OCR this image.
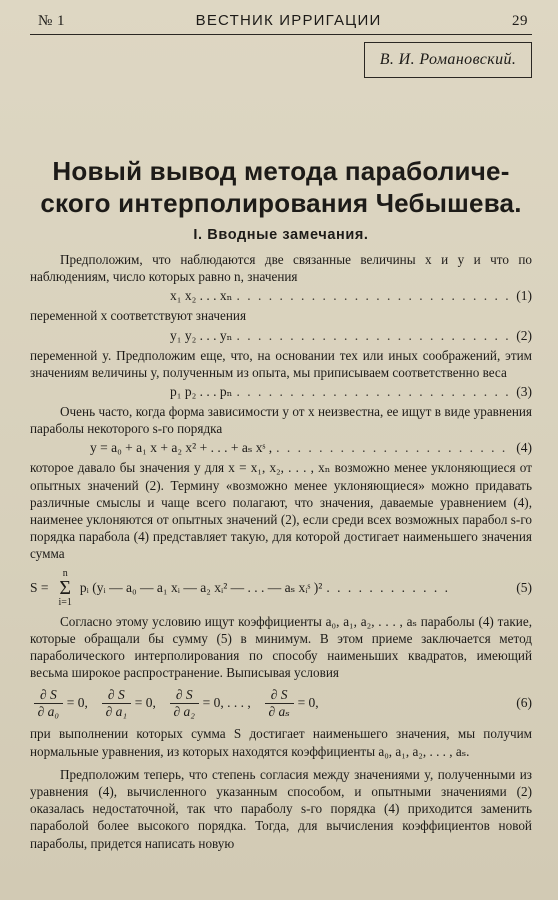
№ 1	ВЕСТНИК ИРРИГАЦИИ	29
В. И. Романовский.
Новый вывод метода параболиче-
ского интерполирования Чебышева.
I. Вводные замечания.

Предположим, что наблюдаются две связанные величины x и y и что по наблюдениям, число которых равно n, значения

x₁ x₂ . . . xₙ . . .	(1)

переменной x соответствуют значения

y₁ y₂ . . . yₙ . . .	(2)

переменной y. Предположим еще, что, на основании тех или иных соображений, этим значениям величины y, полученным из опыта, мы приписываем соответственно веса

p₁ p₂ . . . pₙ . . .	(3)

Очень часто, когда форма зависимости y от x неизвестна, ее ищут в виде уравнения параболы некоторого s-го порядка

y = a₀ + a₁ x + a₂ x² + . . . + aₛ xˢ , . . .	(4)

которое давало бы значения y для x = x₁, x₂, . . . , xₙ возможно менее уклоняющиеся от опытных значений (2). Термину «возможно менее уклоняющиеся» можно придавать различные смыслы и чаще всего полагают, что значения, даваемые уравнением (4), наименее уклоняются от опытных значений (2), если среди всех возможных парабол s-го порядка парабола (4) представляет такую, для которой достигает наименьшего значения сумма

S =
n
Σ
i=1
pᵢ (yᵢ — a₀ — a₁ xᵢ — a₂ xᵢ² — . . . — aₛ xᵢˢ )² . . . . . . . . . . . .	(5)

Согласно этому условию ищут коэффициенты a₀, a₁, a₂, . . . , aₛ параболы (4) такие, которые обращали бы сумму (5) в минимум. В этом приеме заключается метод параболического интерполирования по способу наименьших квадратов, имеющий весьма широкое распространение. Выписывая условия

$\frac{\partial S}{\text{∂ a₀}} = 0$, $\frac{\partial S}{\text{∂ a₁}} = 0$, $\frac{\partial S}{\text{∂ a₂}} = 0$, . . . , $\frac{\partial S}{\text{∂ aₛ}} = 0$,	(6)

при выполнении которых сумма S достигает наименьшего значения, мы получим нормальные уравнения, из которых находятся коэффициенты a₀, a₁, a₂, . . . , aₛ.

Предположим теперь, что степень согласия между значениями y, полученными из уравнения (4), вычисленного указанным способом, и опытными значениями (2) оказалась недостаточной, так что параболу s-го порядка (4) приходится заменить параболой более высокого порядка. Тогда, для вычисления коэффициентов новой параболы, придется написать новую
